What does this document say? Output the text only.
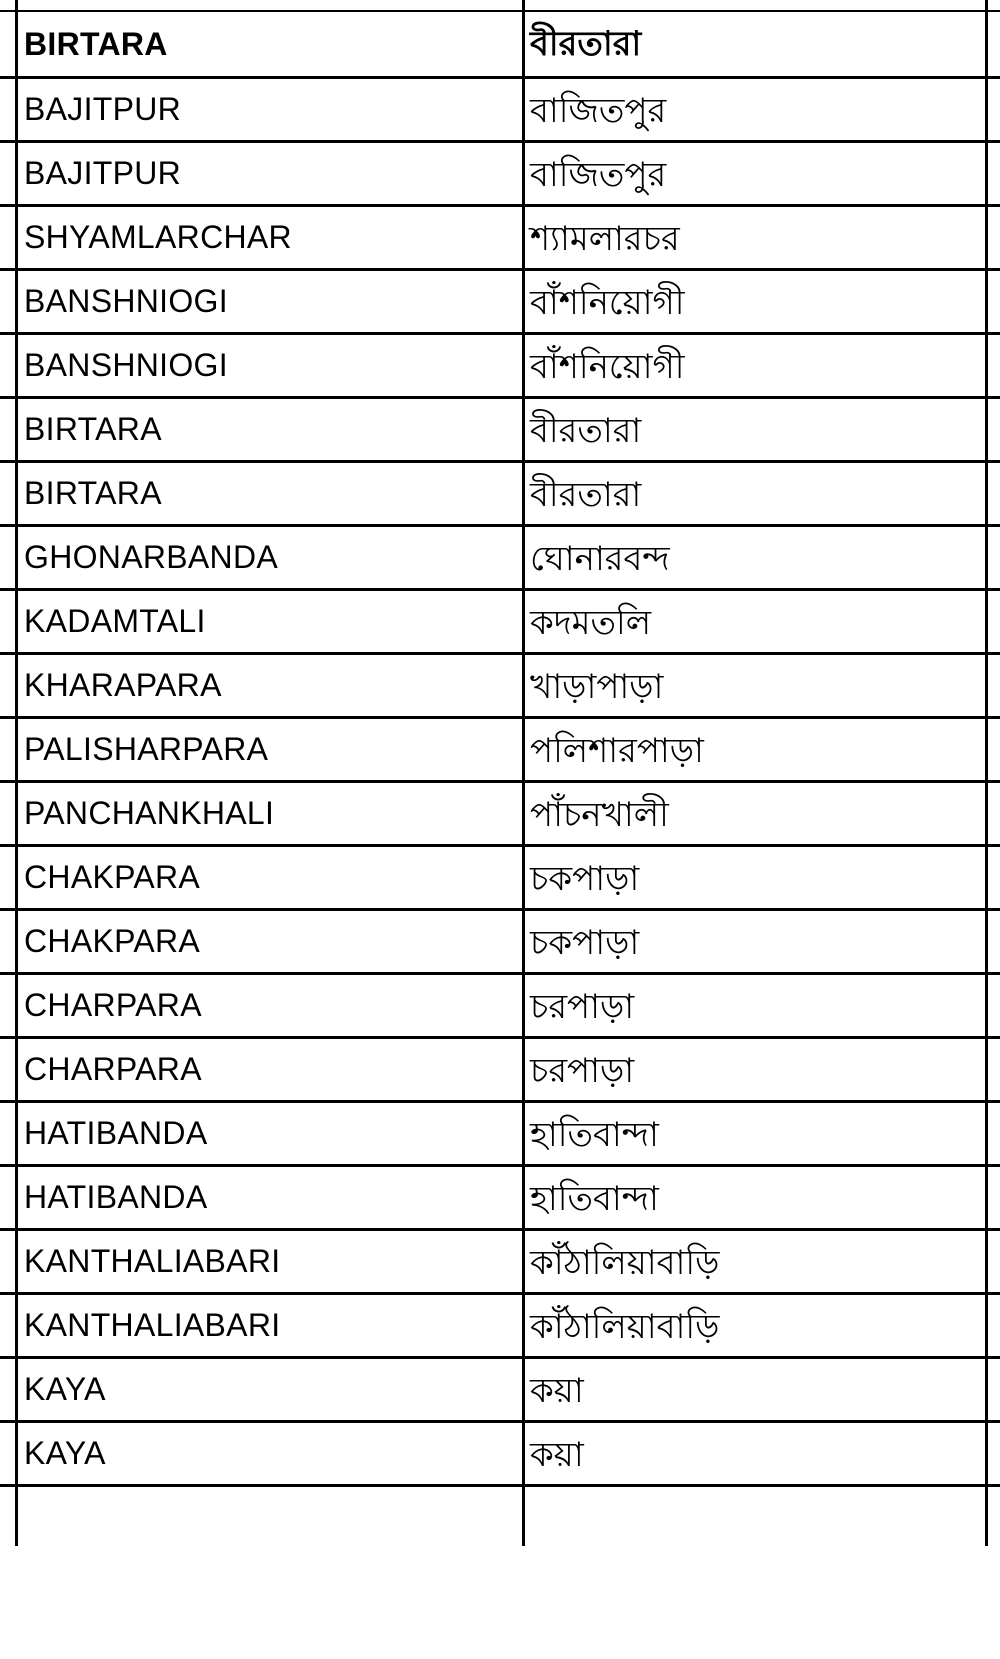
BIRTARA	বীরতারা
BAJITPUR	বাজিতপুর
BAJITPUR	বাজিতপুর
SHYAMLARCHAR	শ্যামলারচর
BANSHNIOGI	বাঁশনিয়োগী
BANSHNIOGI	বাঁশনিয়োগী
BIRTARA	বীরতারা
BIRTARA	বীরতারা
GHONARBANDA	ঘোনারবন্দ
KADAMTALI	কদমতলি
KHARAPARA	খাড়াপাড়া
PALISHARPARA	পলিশারপাড়া
PANCHANKHALI	পাঁচনখালী
CHAKPARA	চকপাড়া
CHAKPARA	চকপাড়া
CHARPARA	চরপাড়া
CHARPARA	চরপাড়া
HATIBANDA	হাতিবান্দা
HATIBANDA	হাতিবান্দা
KANTHALIABARI	কাঁঠালিয়াবাড়ি
KANTHALIABARI	কাঁঠালিয়াবাড়ি
KAYA	কয়া
KAYA	কয়া
